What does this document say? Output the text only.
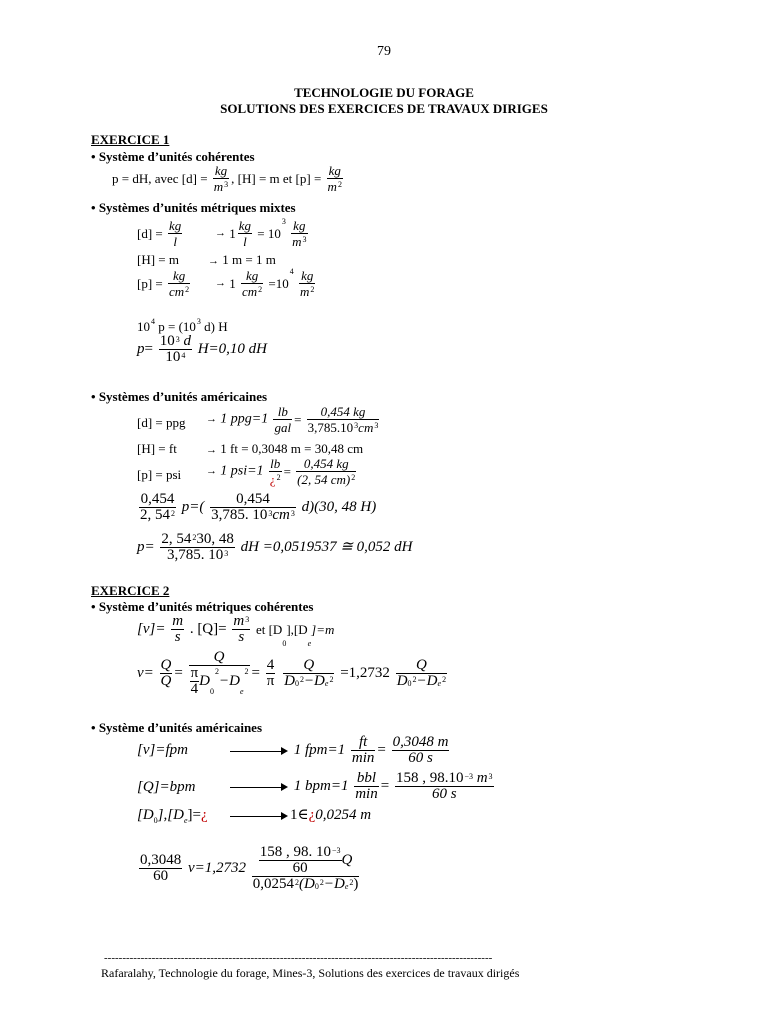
79
TECHNOLOGIE DU FORAGE
SOLUTIONS DES EXERCICES DE TRAVAUX DIRIGES
EXERCICE 1
• Système d’unités cohérentes
p = dH, avec $[d] = \frac{kg}{m^3}$ , [H] = m et $[p] = \frac{kg}{m^2}$
• Systèmes d’unités métriques mixtes
$[d] = \frac{kg}{l}$	→ $1 \frac{kg}{l} = 10^3 \frac{kg}{m^3}$
[H] = m	→ 1 m = 1 m
$[p] = \frac{kg}{cm^2} \to 1 \frac{kg}{cm^2} =10^4 \frac{kg}{m^2}$
$10^4$ $p = (10^3$ d) H
$p= \frac{10^3 d}{10^4} H=0,10$ dH
• Systèmes d’unités américaines
[d] = ppg → 1 $ppg=1 \frac{lb}{\text{gal}} = \frac{0,454 kg}{3,785.10^3cm^3}$
[H] = ft	→ 1 ft = 0,3048 m = 30,48 cm
[p] = psi → 1 $psi=1 \frac{lb}{¿^2} = \frac{0,454 kg}{(2, 54 cm)^2}$
$\frac{0,454}{2, 54^2} p=( \frac{0,454}{3,785. 10^3cm^3} d)(30$, 48 H)
$p= \frac{2, 54^230, 48}{3,785. 10^3}$ dH =0,0519537 ≅ 0,052 dH
EXERCICE 2
• Système d’unités métriques cohérentes
$[v]= \frac{m}{s}$ . $[Q]= \frac{m^3}{s}$ et $[D_0],[D_e]=m$
$v= \frac{Q}{Q} = \frac{Q}{\frac{\pi}{4} D_0^2-D_e^2} = \frac{4}{\pi}$
$\frac{Q}{D_0^2-D_e^2} =1,2732 \frac{Q}{D_0^2-D_e^2}$
• Système d’unités américaines
[v]=fpm	1 $fpm=1 \frac{ft}{\min} = \frac{0,3048 m}{60 s}$
[Q]=bpm	1 $bpm=1 \frac{\text{bbl}}{\min} = \frac{158 , 98.10^{-3} m^3}{60 s}$
$[D_0],[D_e]=¿$	1∈¿0,0254 m
$\frac{0,3048}{60} v=1,2732 \frac{\frac{158 , 98. 10^{-3}}{60} Q}{0,0254^2(D_0^2-D_e^2)}$
----------------------------------------------------------------------------------------------------------
Rafaralahy, Technologie du forage, Mines-3, Solutions des exercices de travaux dirigés
